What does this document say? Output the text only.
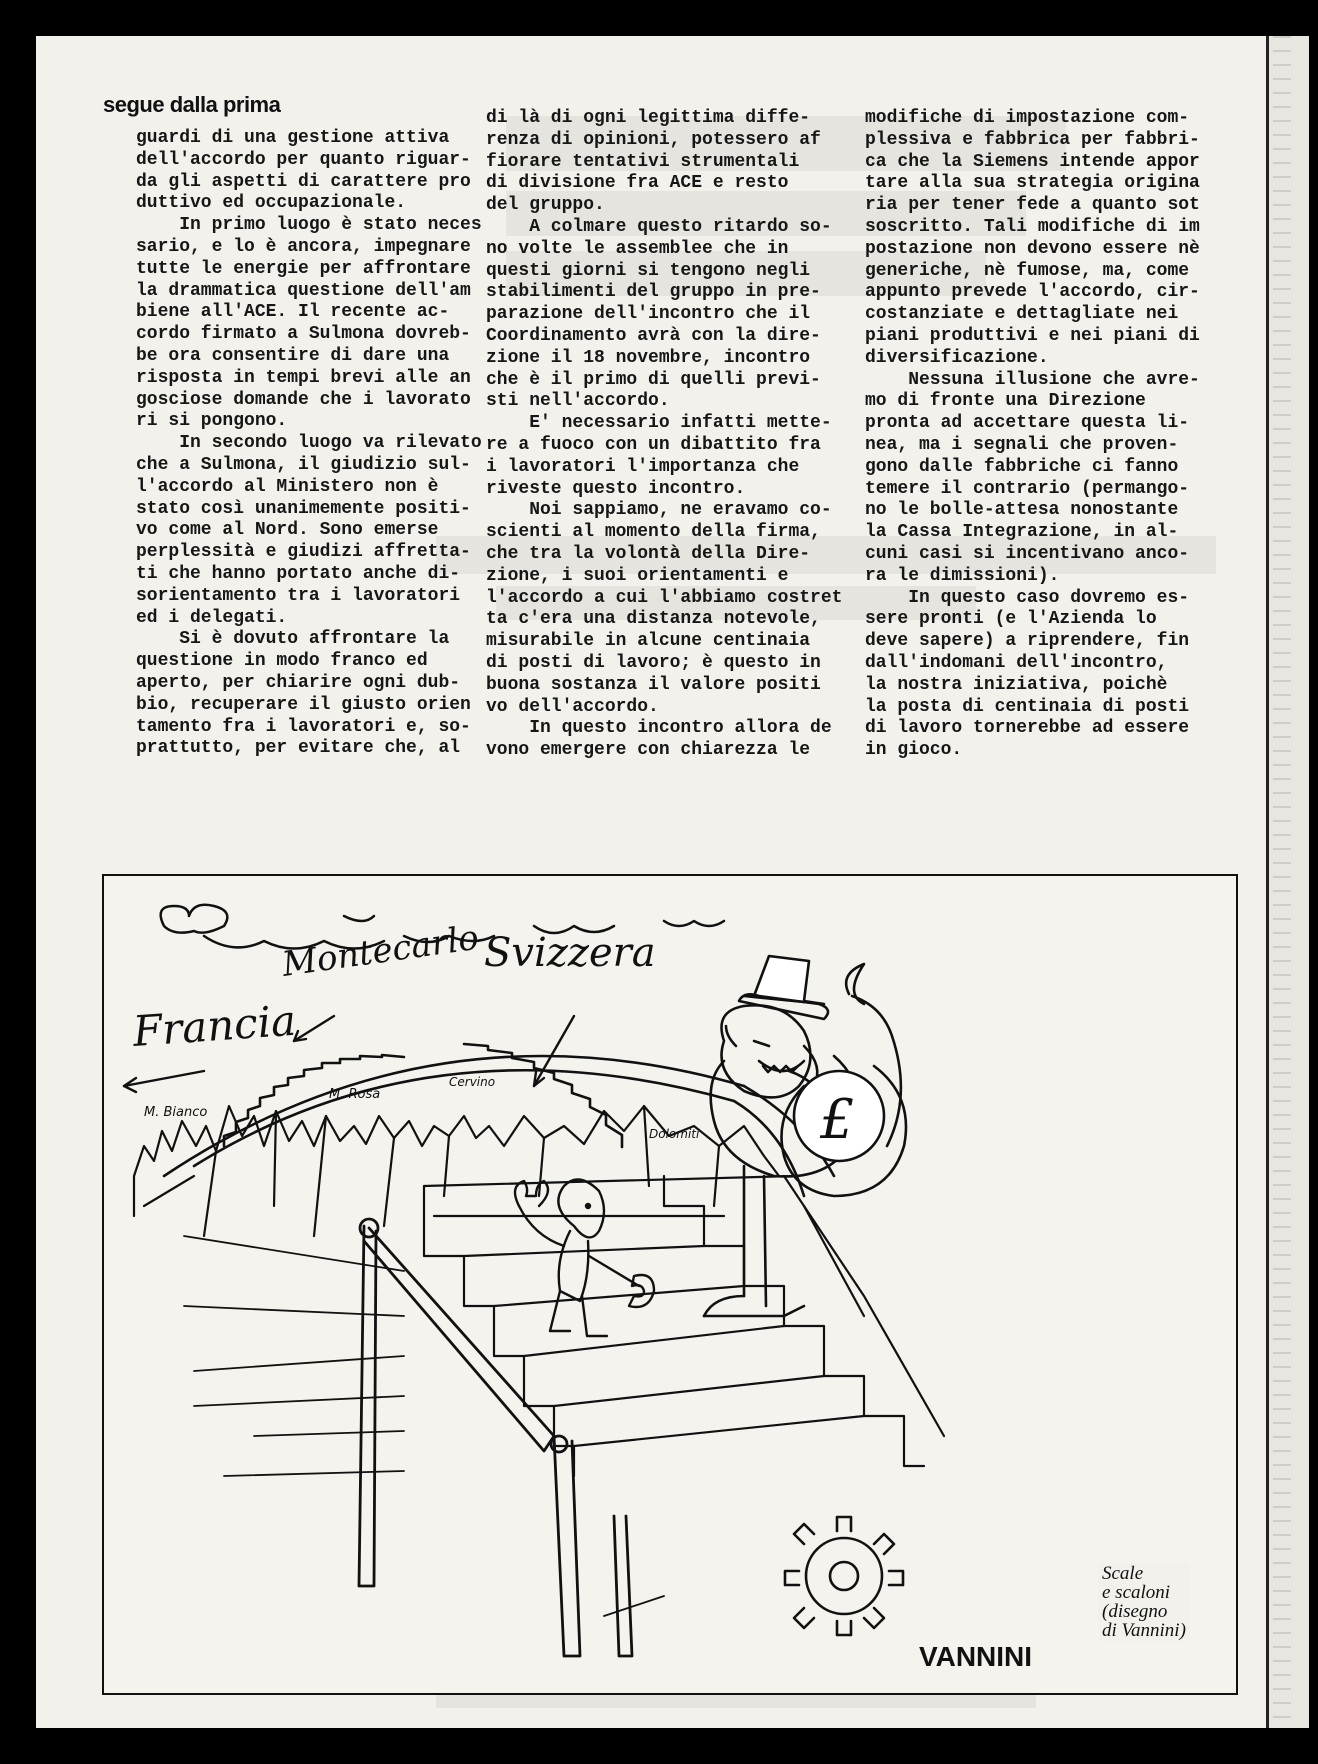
segue dalla prima

guardi di una gestione attiva

dell'accordo per quanto riguar-

da gli aspetti di carattere pro

duttivo ed occupazionale.

In primo luogo è stato neces

sario, e lo è ancora, impegnare

tutte le energie per affrontare

la drammatica questione dell'am

biene all'ACE. Il recente ac-

cordo firmato a Sulmona dovreb-

be ora consentire di dare una

risposta in tempi brevi alle an

gosciose domande che i lavorato

ri si pongono.

In secondo luogo va rilevato

che a Sulmona, il giudizio sul-

l'accordo al Ministero non è

stato così unanimemente positi-

vo come al Nord. Sono emerse

perplessità e giudizi affretta-

ti che hanno portato anche di-

sorientamento tra i lavoratori

ed i delegati.

Si è dovuto affrontare la

questione in modo franco ed

aperto, per chiarire ogni dub-

bio, recuperare il giusto orien

tamento fra i lavoratori e, so-

prattutto, per evitare che, al

di là di ogni legittima diffe-

renza di opinioni, potessero af

fiorare tentativi strumentali

di divisione fra ACE e resto

del gruppo.

A colmare questo ritardo so-

no volte le assemblee che in

questi giorni si tengono negli

stabilimenti del gruppo in pre-

parazione dell'incontro che il

Coordinamento avrà con la dire-

zione il 18 novembre, incontro

che è il primo di quelli previ-

sti nell'accordo.

E' necessario infatti mette-

re a fuoco con un dibattito fra

i lavoratori l'importanza che

riveste questo incontro.

Noi sappiamo, ne eravamo co-

scienti al momento della firma,

che tra la volontà della Dire-

zione, i suoi orientamenti e

l'accordo a cui l'abbiamo costret

ta c'era una distanza notevole,

misurabile in alcune centinaia

di posti di lavoro; è questo in

buona sostanza il valore positi

vo dell'accordo.

In questo incontro allora de

vono emergere con chiarezza le

modifiche di impostazione com-

plessiva e fabbrica per fabbri-

ca che la Siemens intende appor

tare alla sua strategia origina

ria per tener fede a quanto sot

soscritto. Tali modifiche di im

postazione non devono essere nè

generiche, nè fumose, ma, come

appunto prevede l'accordo, cir-

costanziate e dettagliate nei

piani produttivi e nei piani di

diversificazione.

Nessuna illusione che avre-

mo di fronte una Direzione

pronta ad accettare questa li-

nea, ma i segnali che proven-

gono dalle fabbriche ci fanno

temere il contrario (permango-

no le bolle-attesa nonostante

la Cassa Integrazione, in al-

cuni casi si incentivano anco-

ra le dimissioni).

In questo caso dovremo es-

sere pronti (e l'Azienda lo

deve sapere) a riprendere, fin

dall'indomani dell'incontro,

la nostra iniziativa, poichè

la posta di centinaia di posti

di lavoro tornerebbe ad essere

in gioco.

Francia
Montecarlo Svizzera
M. Bianco
M. Rosa
Cervino
Dolomiti £
VANNINI
Scale
e scaloni
(disegno
di Vannini)
